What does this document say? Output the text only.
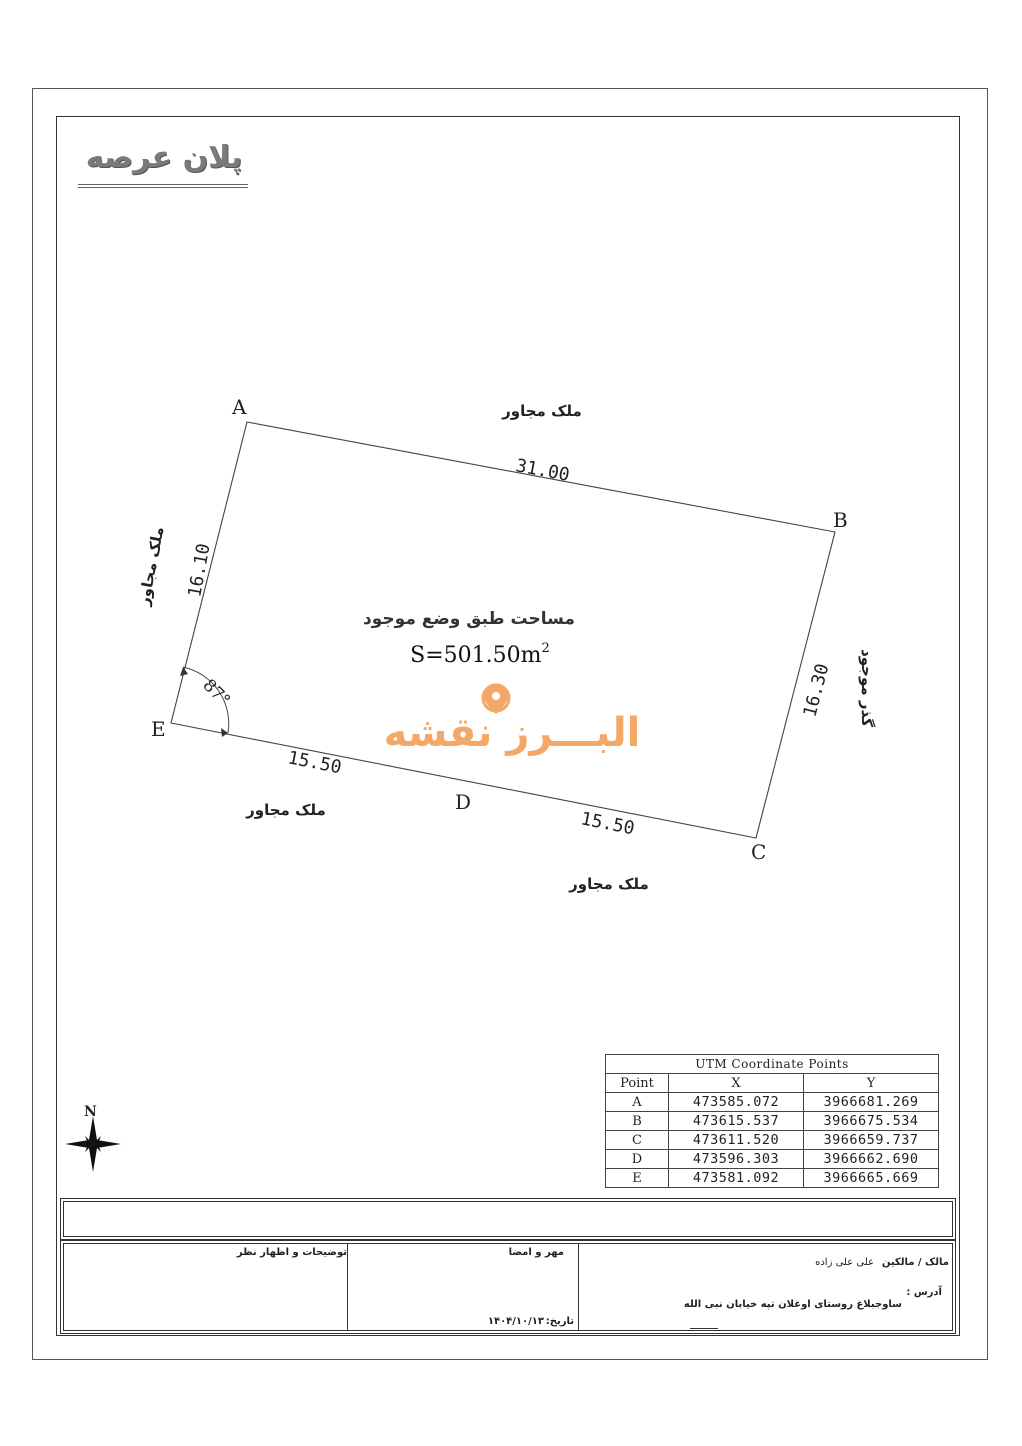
پلان عرصه
A
B
C
D
E
31.00
16.30
16.10
15.50
15.50
87°
ملک مجاور
ملک مجاور
گذر موجود
ملک مجاور
ملک مجاور
مساحت طبق وضع موجود
$S=501.50m^2$
البـــرز نقشه
N
UTM Coordinate Points		
Point	X	Y
A	473585.072	3966681.269
B	473615.537	3966675.534
C	473611.520	3966659.737
D	473596.303	3966662.690
E	473581.092	3966665.669
توضیحات و اظهار نظر	مهر و امضا
تاریخ:
۱۴۰۴/۱۰/۱۳
مالک / مالکین
علی علی زاده
آدرس :
ساوجبلاغ روستای اوغلان تپه خیابان نبی الله
